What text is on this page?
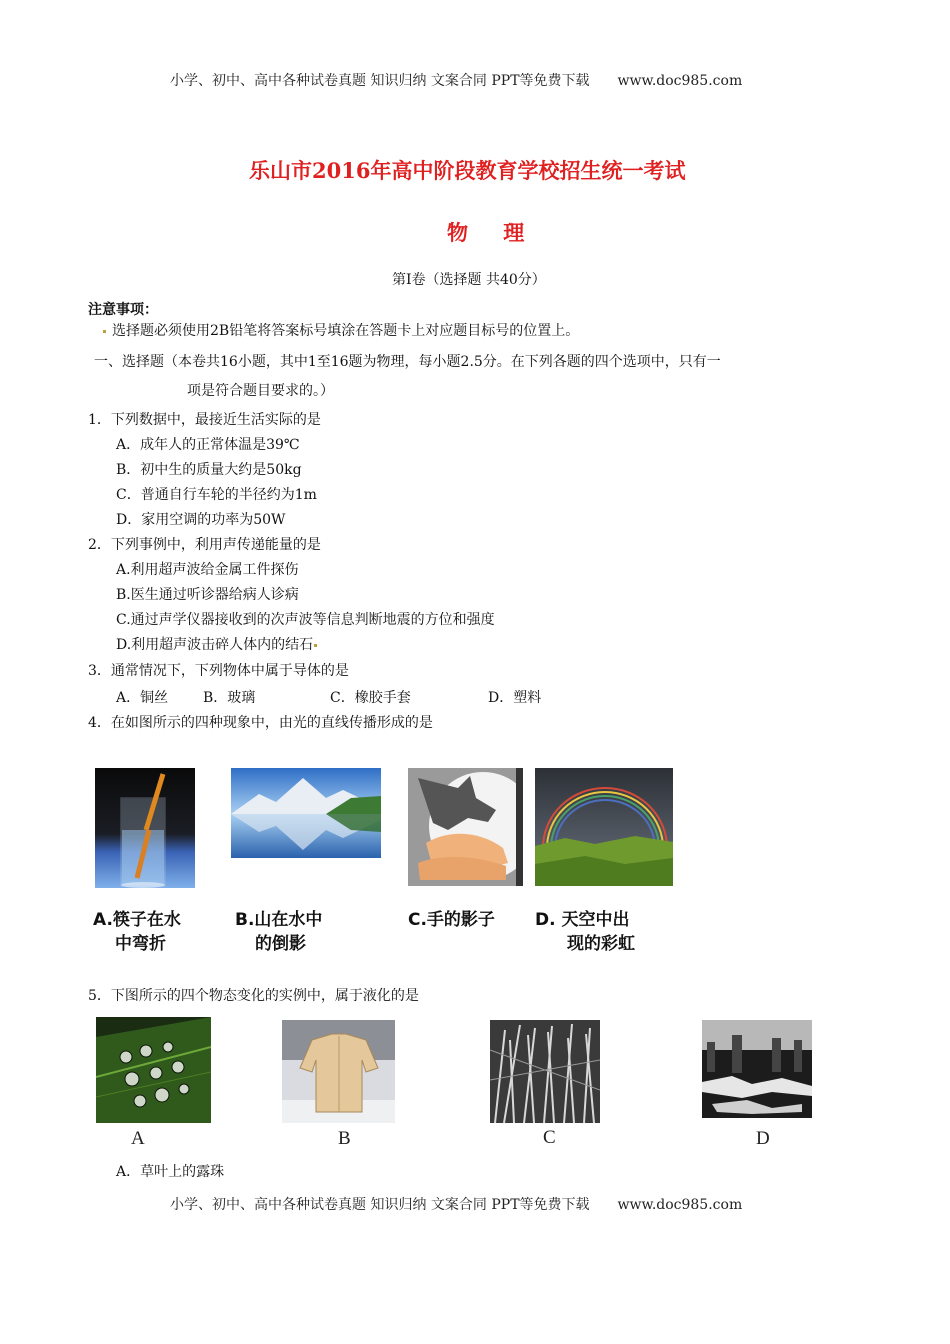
小学、初中、高中各种试卷真题 知识归纳 文案合同 PPT等免费下载　　www.doc985.com
乐山市2016年高中阶段教育学校招生统一考试
物 理
第Ⅰ卷（选择题 共40分）
注意事项：
选择题必须使用2B铅笔将答案标号填涂在答题卡上对应题目标号的位置上。
一、选择题（本卷共16小题，其中1至16题为物理，每小题2.5分。在下列各题的四个选项中，只有一
项是符合题目要求的。）
1．下列数据中，最接近生活实际的是
A．成年人的正常体温是39℃
B．初中生的质量大约是50kg
C．普通自行车轮的半径约为1m
D．家用空调的功率为50W
2．下列事例中，利用声传递能量的是
A.利用超声波给金属工件探伤
B.医生通过听诊器给病人诊病
C.通过声学仪器接收到的次声波等信息判断地震的方位和强度
D.利用超声波击碎人体内的结石
3．通常情况下，下列物体中属于导体的是
A．铜丝 B．玻璃	C．橡胶手套	D．塑料
4．在如图所示的四种现象中，由光的直线传播形成的是
A.筷子在水
中弯折
B.山在水中
的倒影
C.手的影子 D. 天空中出
现的彩虹
5．下图所示的四个物态变化的实例中，属于液化的是
A	B	C	D
A．草叶上的露珠
小学、初中、高中各种试卷真题 知识归纳 文案合同 PPT等免费下载　　www.doc985.com
